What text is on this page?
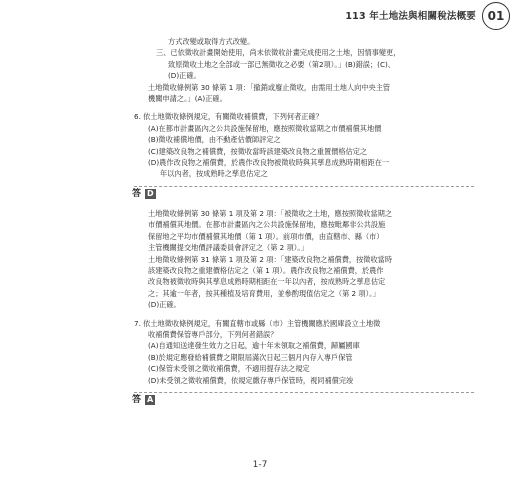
113 年土地法與相關稅法概要 01

方式改變或取得方式改變。

三、已依徵收計畫開始使用，尚未依徵收計畫完成使用之土地，因情事變更，

致原徵收土地之全部或一部已無徵收之必要（第2項）。」(B)錯誤；(C)、

(D)正確。

土地徵收條例第 30 條第 1 項：「撤銷或廢止徵收，由需用土地人向中央主管

機關申請之。」(A)正確。

6. 依土地徵收條例規定，有關徵收補償費，下列何者正確？

(A)在都市計畫區內之公共設施保留地，應按照徵收當期之市價補償其地價

(B)徵收補償地價，由不動產估價師評定之

(C)建築改良物之補償費，按徵收當時該建築改良物之重置價格估定之

(D)農作改良物之補償費，於農作改良物被徵收時與其孳息成熟時期相距在一

年以內者，按成熟時之孳息估定之

答 D

土地徵收條例第 30 條第 1 項及第 2 項：「被徵收之土地，應按照徵收當期之

市價補償其地價。在都市計畫區內之公共設施保留地，應按毗鄰非公共設施

保留地之平均市價補償其地價（第 1 項）。前項市價，由直轄市、縣（市）

主管機關提交地價評議委員會評定之（第 2 項）。」

土地徵收條例第 31 條第 1 項及第 2 項：「建築改良物之補償費，按徵收當時

該建築改良物之重建價格估定之（第 1 項）。農作改良物之補償費，於農作

改良物被徵收時與其孳息成熟時期相距在一年以內者，按成熟時之孳息估定

之；其逾一年者，按其種植及培育費用，並參酌現值估定之（第 2 項）。」

(D)正確。

7. 依土地徵收條例規定，有關直轄市或縣（市）主管機關應於國庫設立土地徵

收補償費保管專戶部分，下列何者錯誤？

(A)自通知送達發生效力之日起，逾十年未領取之補償費，歸屬國庫

(B)於規定應發給補償費之期限屆滿次日起三個月內存入專戶保管

(C)保管未受領之徵收補償費，不適用提存法之規定

(D)未受領之徵收補償費，依規定繳存專戶保管時，視同補償完竣

答 A
1-7
